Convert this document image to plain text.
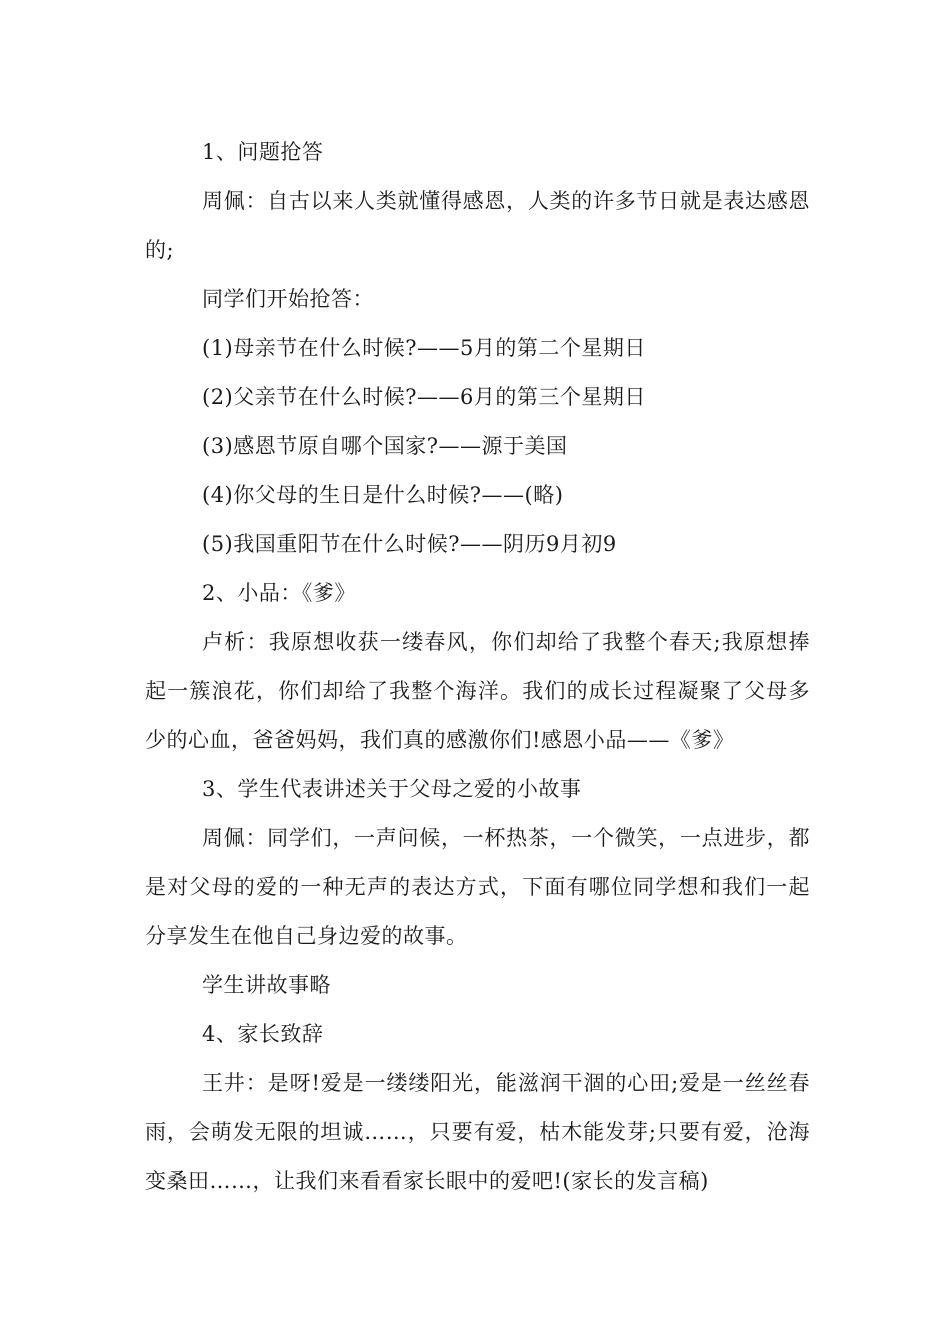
1、问题抢答

周佩：自古以来人类就懂得感恩，人类的许多节日就是表达感恩的;

同学们开始抢答：

(1)母亲节在什么时候?——5月的第二个星期日

(2)父亲节在什么时候?——6月的第三个星期日

(3)感恩节原自哪个国家?——源于美国

(4)你父母的生日是什么时候?——(略)

(5)我国重阳节在什么时候?——阴历9月初9

2、小品：《爹》

卢析：我原想收获一缕春风，你们却给了我整个春天;我原想捧起一簇浪花，你们却给了我整个海洋。我们的成长过程凝聚了父母多少的心血，爸爸妈妈，我们真的感激你们!感恩小品——《爹》

3、学生代表讲述关于父母之爱的小故事

周佩：同学们，一声问候，一杯热茶，一个微笑，一点进步，都是对父母的爱的一种无声的表达方式，下面有哪位同学想和我们一起分享发生在他自己身边爱的故事。

学生讲故事略

4、家长致辞

王井：是呀!爱是一缕缕阳光，能滋润干涸的心田;爱是一丝丝春雨，会萌发无限的坦诚……，只要有爱，枯木能发芽;只要有爱，沧海变桑田……，让我们来看看家长眼中的爱吧!(家长的发言稿)
